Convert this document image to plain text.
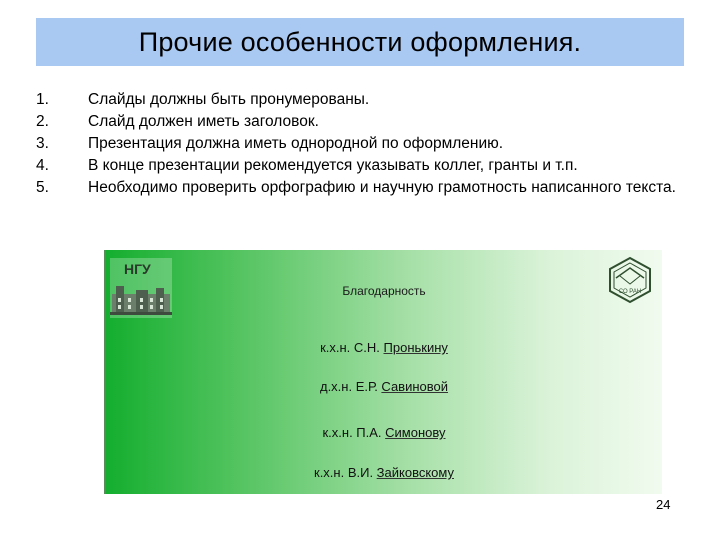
Прочие особенности оформления.
1.	Слайды должны быть пронумерованы.
2.	Слайд должен иметь заголовок.
3.	Презентация должна иметь однородной по оформлению.
4.	В конце презентации рекомендуется указывать коллег, гранты и т.п.
5.	Необходимо проверить орфографию и научную грамотность написанного текста.
НГУ
СО РАН
Благодарность
к.х.н. С.Н. Пронькину
д.х.н. Е.Р. Савиновой
к.х.н. П.А. Симонову
к.х.н. В.И. Зайковскому
24
